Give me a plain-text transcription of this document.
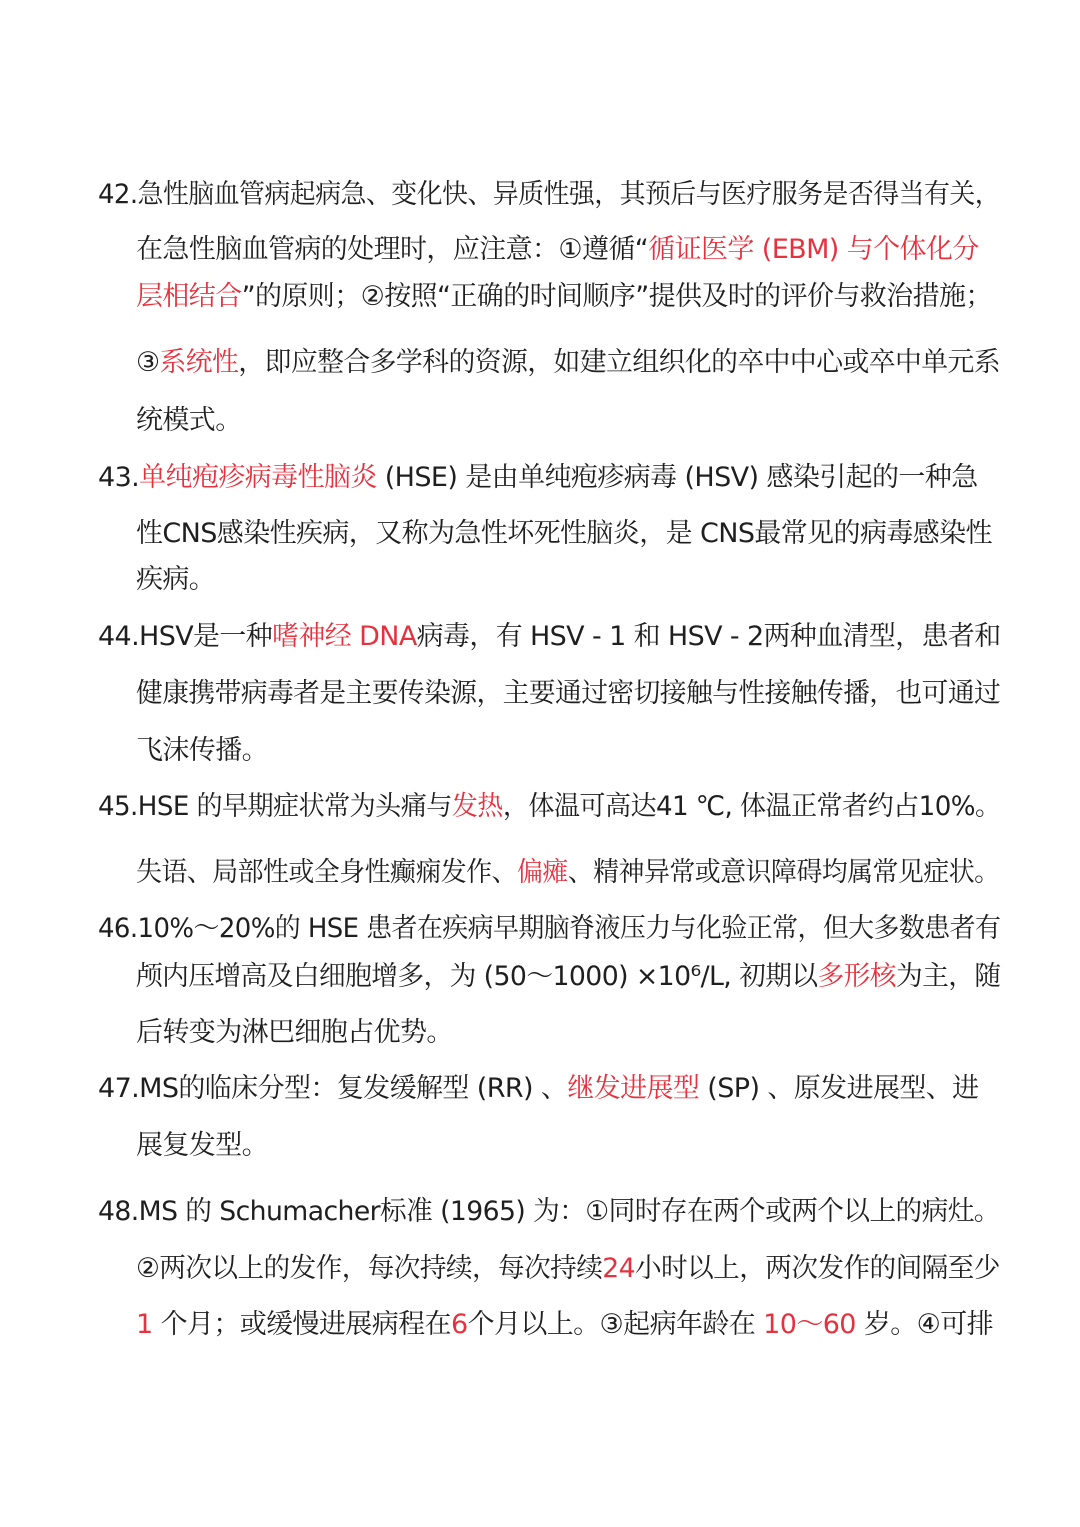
42.急性脑血管病起病急、变化快、异质性强，其预后与医疗服务是否得当有关，
在急性脑血管病的处理时，应注意：①遵循“循证医学 (EBM) 与个体化分
层相结合”的原则；②按照“正确的时间顺序”提供及时的评价与救治措施；
③系统性，即应整合多学科的资源，如建立组织化的卒中中心或卒中单元系
统模式。
43.单纯疱疹病毒性脑炎 (HSE) 是由单纯疱疹病毒 (HSV) 感染引起的一种急
性CNS感染性疾病，又称为急性坏死性脑炎，是 CNS最常见的病毒感染性
疾病。
44.HSV是一种嗜神经 DNA病毒，有 HSV - 1 和 HSV - 2两种血清型，患者和
健康携带病毒者是主要传染源，主要通过密切接触与性接触传播，也可通过
飞沫传播。
45.HSE 的早期症状常为头痛与发热，体温可高达41 ℃, 体温正常者约占10%。
失语、局部性或全身性癫痫发作、偏瘫、精神异常或意识障碍均属常见症状。
46.10%～20%的 HSE 患者在疾病早期脑脊液压力与化验正常，但大多数患者有
颅内压增高及白细胞增多，为 (50～1000) ×10⁶/L, 初期以多形核为主，随
后转变为淋巴细胞占优势。
47.MS的临床分型：复发缓解型 (RR) 、继发进展型 (SP) 、原发进展型、进
展复发型。
48.MS 的 Schumacher标准 (1965) 为：①同时存在两个或两个以上的病灶。
②两次以上的发作，每次持续，每次持续24小时以上，两次发作的间隔至少
1 个月；或缓慢进展病程在6个月以上。③起病年龄在 10～60 岁。④可排
